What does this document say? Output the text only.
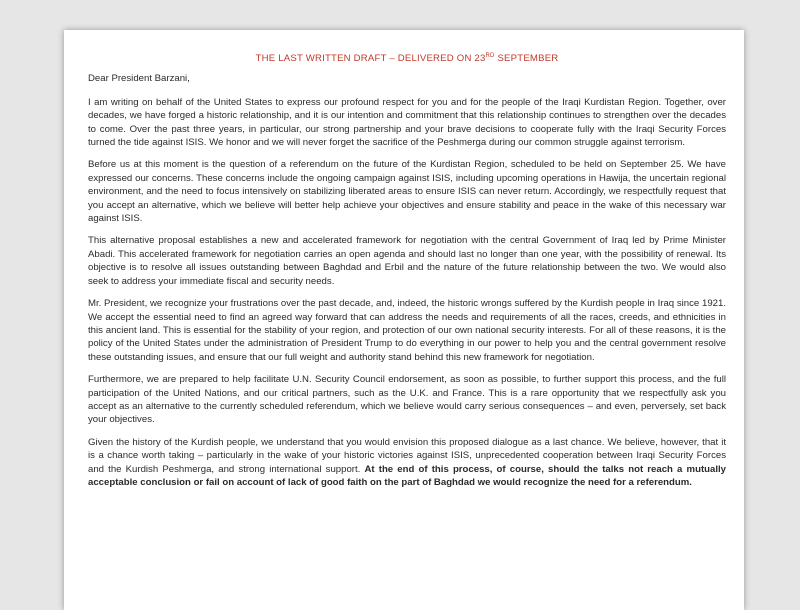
THE LAST WRITTEN DRAFT – DELIVERED ON 23RD SEPTEMBER

Dear President Barzani,

I am writing on behalf of the United States to express our profound respect for you and for the people of the Iraqi Kurdistan Region. Together, over decades, we have forged a historic relationship, and it is our intention and commitment that this relationship continues to strengthen over the decades to come. Over the past three years, in particular, our strong partnership and your brave decisions to cooperate fully with the Iraqi Security Forces turned the tide against ISIS. We honor and we will never forget the sacrifice of the Peshmerga during our common struggle against terrorism.

Before us at this moment is the question of a referendum on the future of the Kurdistan Region, scheduled to be held on September 25. We have expressed our concerns. These concerns include the ongoing campaign against ISIS, including upcoming operations in Hawija, the uncertain regional environment, and the need to focus intensively on stabilizing liberated areas to ensure ISIS can never return. Accordingly, we respectfully request that you accept an alternative, which we believe will better help achieve your objectives and ensure stability and peace in the wake of this necessary war against ISIS.

This alternative proposal establishes a new and accelerated framework for negotiation with the central Government of Iraq led by Prime Minister Abadi. This accelerated framework for negotiation carries an open agenda and should last no longer than one year, with the possibility of renewal. Its objective is to resolve all issues outstanding between Baghdad and Erbil and the nature of the future relationship between the two. We would also seek to address your immediate fiscal and security needs.

Mr. President, we recognize your frustrations over the past decade, and, indeed, the historic wrongs suffered by the Kurdish people in Iraq since 1921. We accept the essential need to find an agreed way forward that can address the needs and requirements of all the races, creeds, and ethnicities in this ancient land. This is essential for the stability of your region, and protection of our own national security interests. For all of these reasons, it is the policy of the United States under the administration of President Trump to do everything in our power to help you and the central government resolve these outstanding issues, and ensure that our full weight and authority stand behind this new framework for negotiation.

Furthermore, we are prepared to help facilitate U.N. Security Council endorsement, as soon as possible, to further support this process, and the full participation of the United Nations, and our critical partners, such as the U.K. and France. This is a rare opportunity that we respectfully ask you accept as an alternative to the currently scheduled referendum, which we believe would carry serious consequences – and even, perversely, set back your objectives.

Given the history of the Kurdish people, we understand that you would envision this proposed dialogue as a last chance. We believe, however, that it is a chance worth taking – particularly in the wake of your historic victories against ISIS, unprecedented cooperation between Iraqi Security Forces and the Kurdish Peshmerga, and strong international support. At the end of this process, of course, should the talks not reach a mutually acceptable conclusion or fail on account of lack of good faith on the part of Baghdad we would recognize the need for a referendum.
